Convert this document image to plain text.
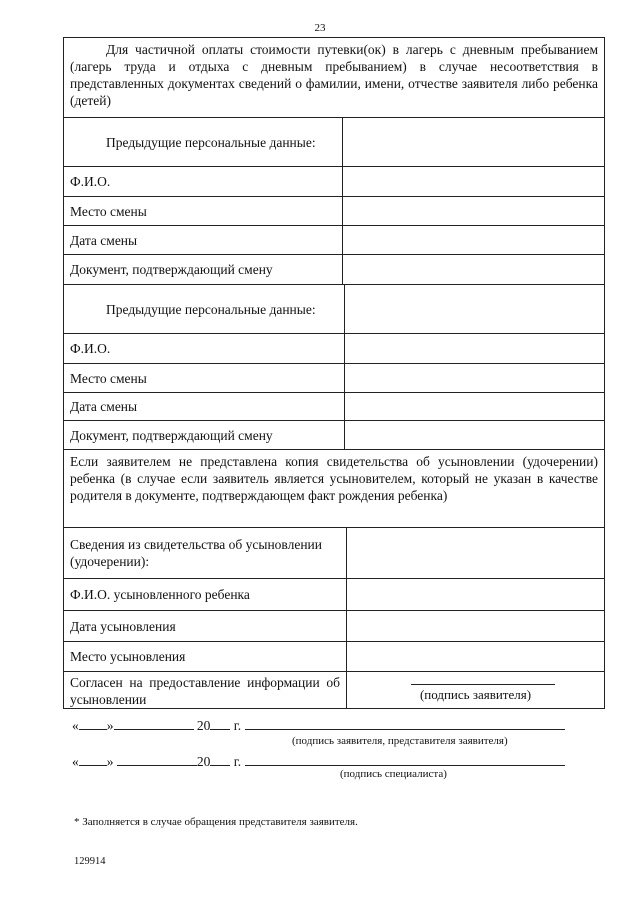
23
Для частичной оплаты стоимости путевки(ок) в лагерь с дневным пребыванием (лагерь труда и отдыха с дневным пребыванием) в случае несоответствия в представленных документах сведений о фамилии, имени, отчестве заявителя либо ребенка (детей)
Предыдущие персональные данные:
Ф.И.О.
Место смены
Дата смены
Документ, подтверждающий смену
Предыдущие персональные данные:
Ф.И.О.
Место смены
Дата смены
Документ, подтверждающий смену
Если заявителем не представлена копия свидетельства об усыновлении (удочерении) ребенка (в случае если заявитель является усыновителем, который не указан в качестве родителя в документе, подтверждающем факт рождения ребенка)
Сведения из свидетельства об усыновлении (удочерении):
Ф.И.О. усыновленного ребенка
Дата усыновления
Место усыновления
Согласен на предоставление информации об усыновлении	(подпись заявителя)
« »	20 г.
(подпись заявителя, представителя заявителя)
« »	20 г.
(подпись специалиста)
* Заполняется в случае обращения представителя заявителя.
129914
